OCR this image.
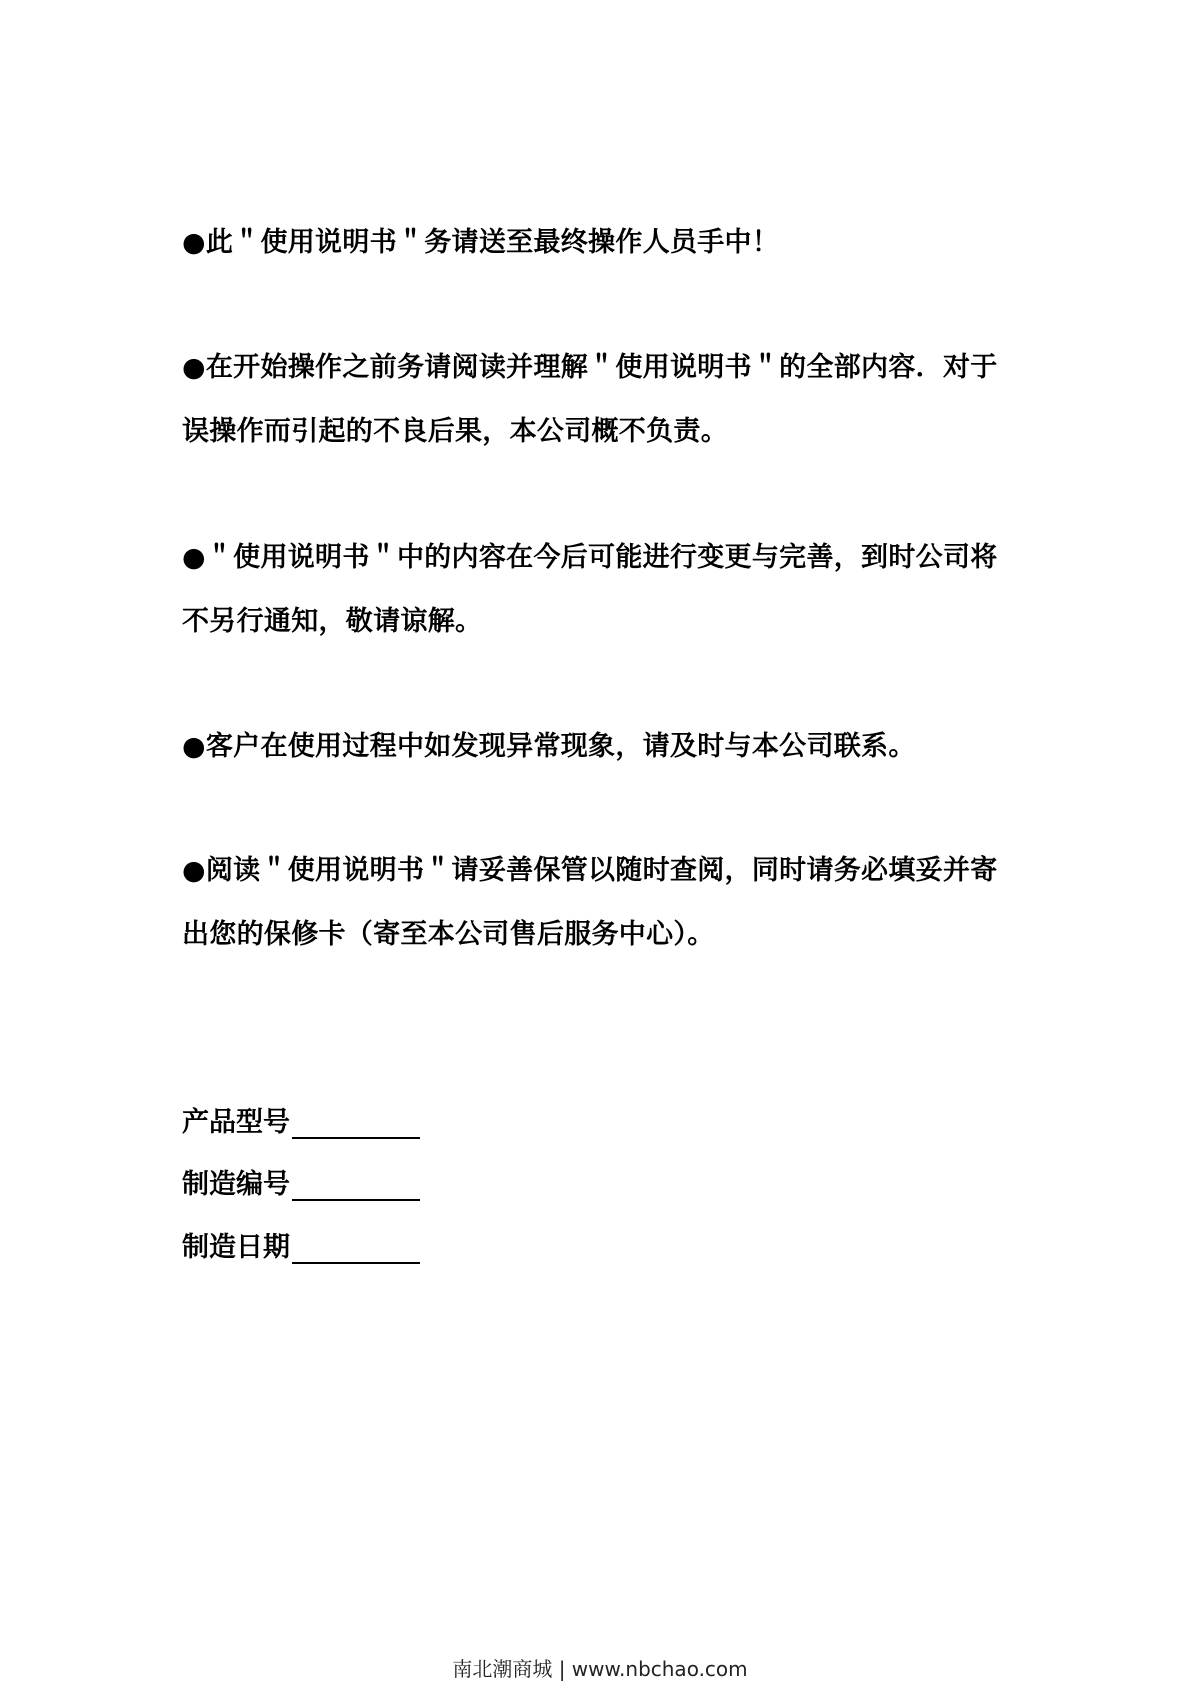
●此＂使用说明书＂务请送至最终操作人员手中！

●在开始操作之前务请阅读并理解＂使用说明书＂的全部内容．对于误操作而引起的不良后果，本公司概不负责。

●＂使用说明书＂中的内容在今后可能进行变更与完善，到时公司将不另行通知，敬请谅解。

●客户在使用过程中如发现异常现象，请及时与本公司联系。

●阅读＂使用说明书＂请妥善保管以随时查阅，同时请务必填妥并寄出您的保修卡（寄至本公司售后服务中心）。

产品型号
制造编号
制造日期
南北潮商城 | www.nbchao.com
